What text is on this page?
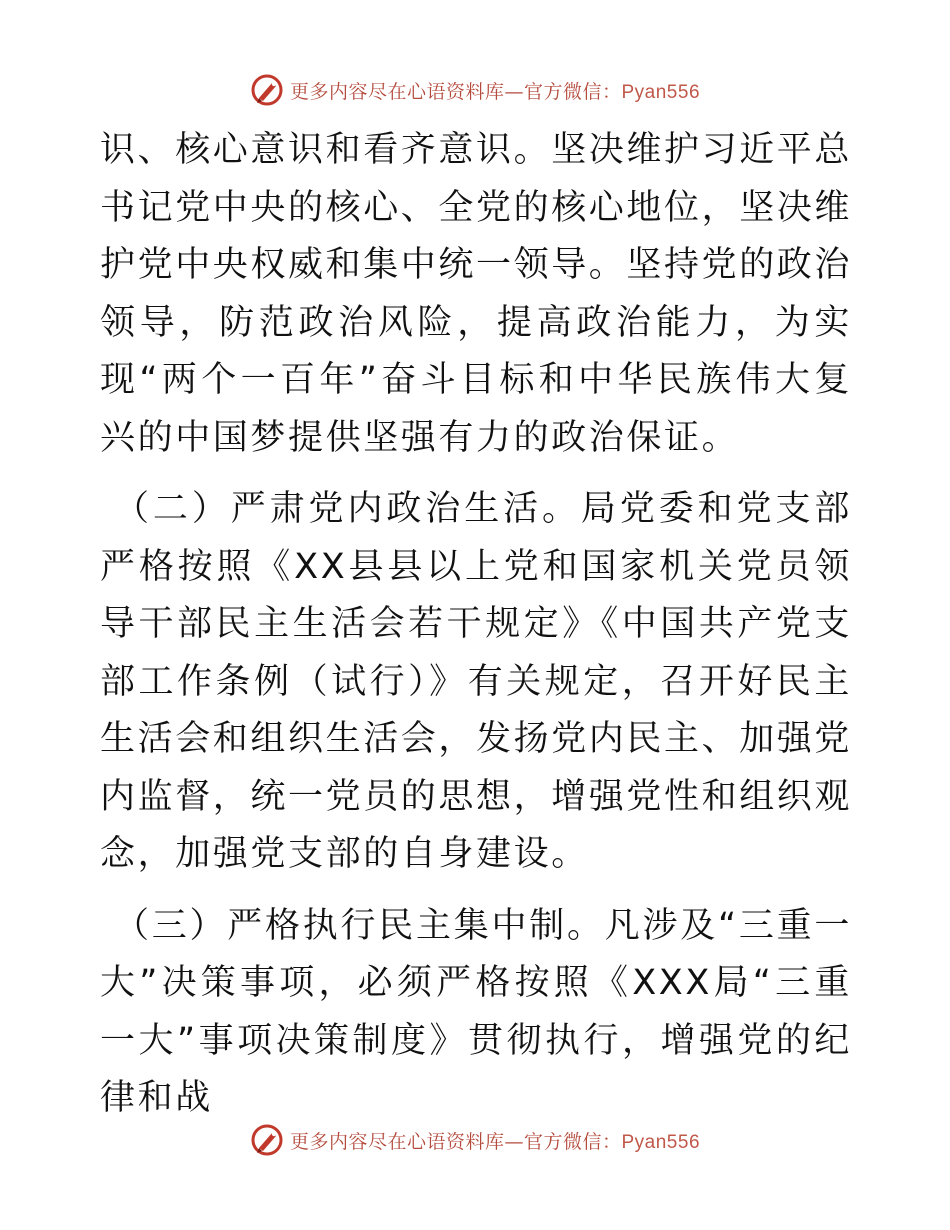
更多内容尽在心语资料库—官方微信：Pyan556

识、核心意识和看齐意识。坚决维护习近平总书记党中央的核心、全党的核心地位，坚决维护党中央权威和集中统一领导。坚持党的政治领导，防范政治风险，提高政治能力，为实现“两个一百年”奋斗目标和中华民族伟大复兴的中国梦提供坚强有力的政治保证。

（二）严肃党内政治生活。局党委和党支部严格按照《XX县县以上党和国家机关党员领导干部民主生活会若干规定》《中国共产党支部工作条例（试行）》有关规定，召开好民主生活会和组织生活会，发扬党内民主、加强党内监督，统一党员的思想，增强党性和组织观念，加强党支部的自身建设。

（三）严格执行民主集中制。凡涉及“三重一大”决策事项，必须严格按照《XXX局“三重一大”事项决策制度》贯彻执行，增强党的纪律和战

更多内容尽在心语资料库—官方微信：Pyan556
